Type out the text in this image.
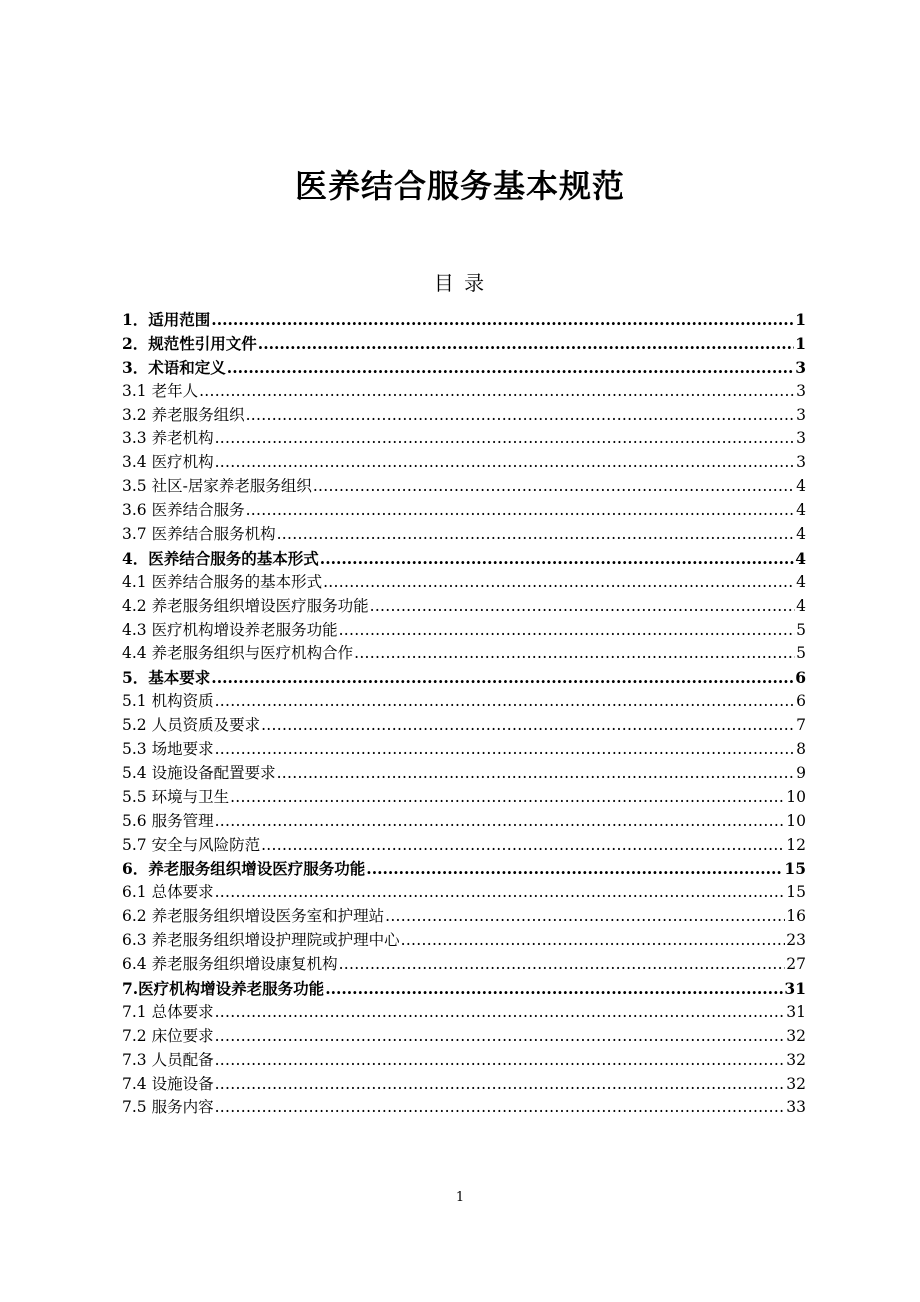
医养结合服务基本规范
目 录
1．适用范围 .....	1
2．规范性引用文件 .....	1
3．术语和定义 .....	3
3.1 老年人 .....	3
3.2 养老服务组织 .....	3
3.3 养老机构 .....	3
3.4 医疗机构 .....	3
3.5 社区-居家养老服务组织 .....	4
3.6 医养结合服务 .....	4
3.7 医养结合服务机构 .....	4
4．医养结合服务的基本形式 .....	4
4.1 医养结合服务的基本形式 .....	4
4.2 养老服务组织增设医疗服务功能 .....	4
4.3 医疗机构增设养老服务功能 .....	5
4.4 养老服务组织与医疗机构合作 .....	5
5．基本要求 .....	6
5.1 机构资质 .....	6
5.2 人员资质及要求 .....	7
5.3 场地要求 .....	8
5.4 设施设备配置要求 .....	9
5.5 环境与卫生 .....	10
5.6 服务管理 .....	10
5.7 安全与风险防范 .....	12
6．养老服务组织增设医疗服务功能 .....	15
6.1 总体要求 .....	15
6.2 养老服务组织增设医务室和护理站 .....	16
6.3 养老服务组织增设护理院或护理中心 .....	23
6.4 养老服务组织增设康复机构 .....	27
7.医疗机构增设养老服务功能 .....	31
7.1 总体要求 .....	31
7.2 床位要求 .....	32
7.3 人员配备 .....	32
7.4 设施设备 .....	32
7.5 服务内容 .....	33
1
